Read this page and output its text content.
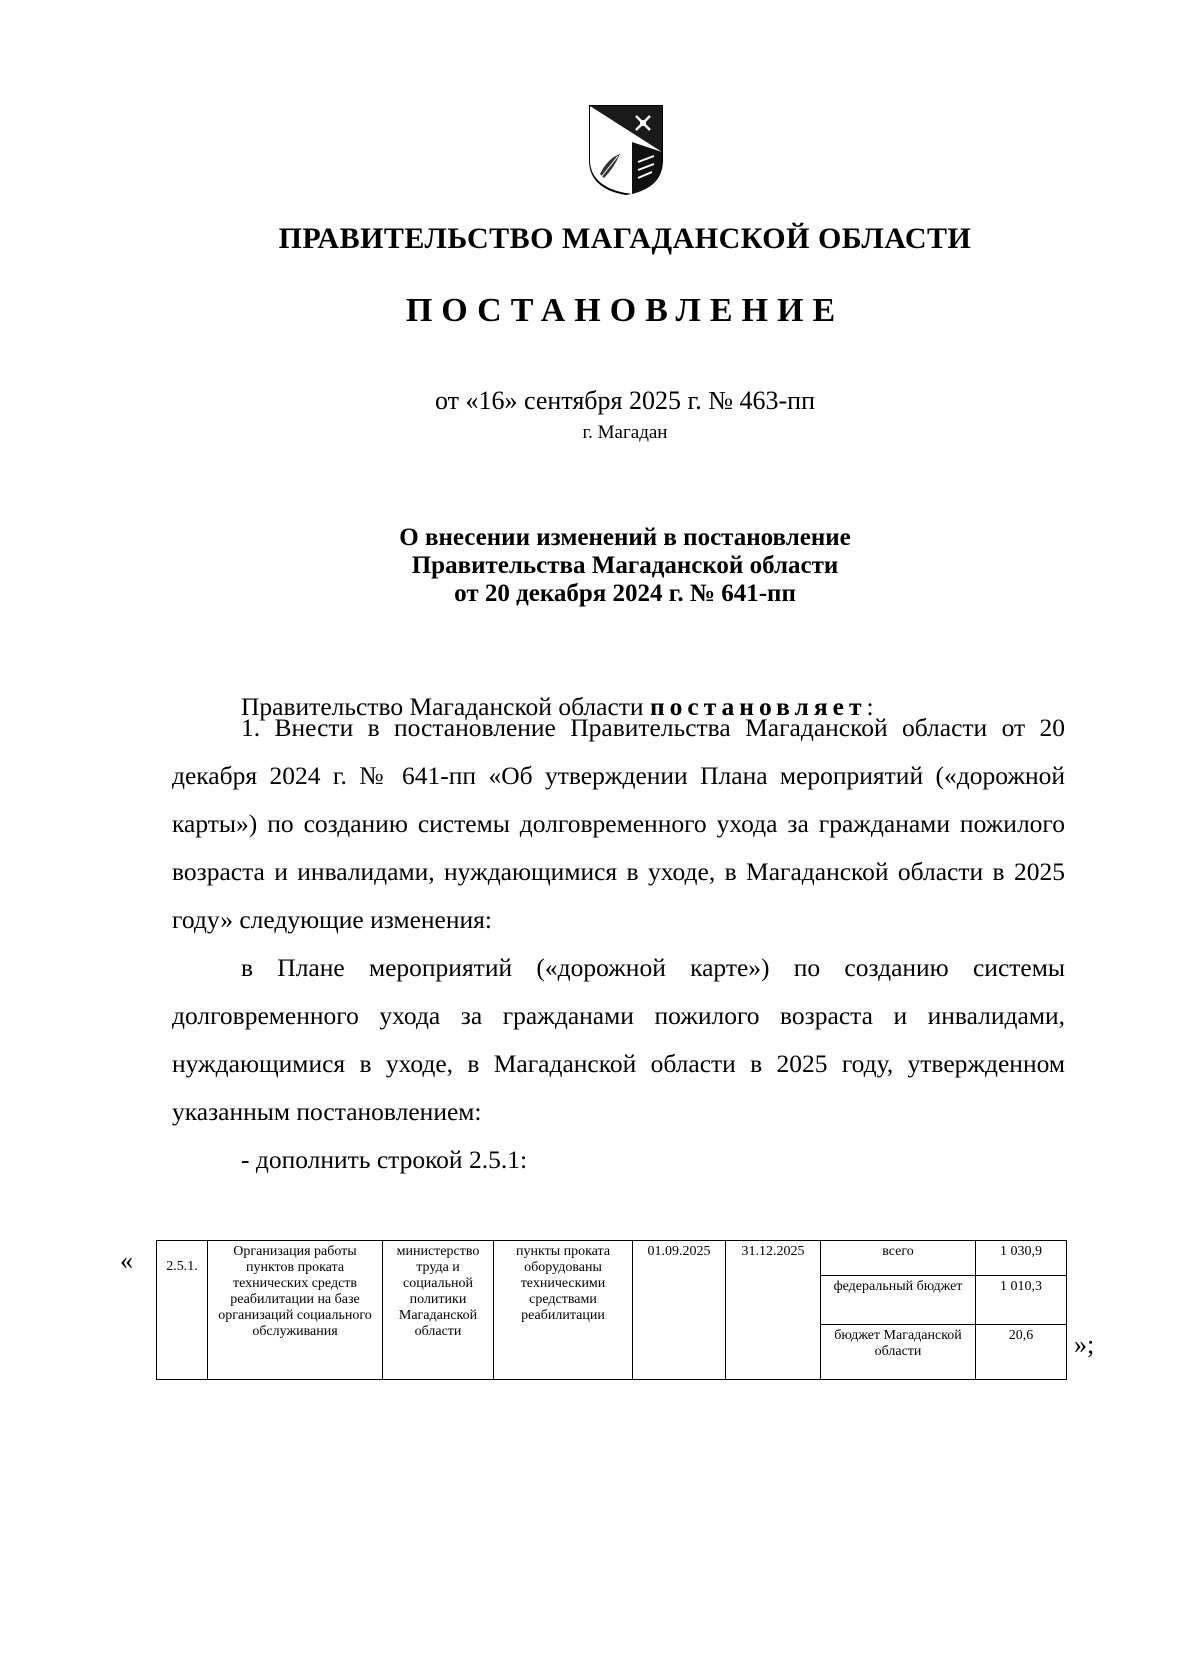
ПРАВИТЕЛЬСТВО МАГАДАНСКОЙ ОБЛАСТИ
ПОСТАНОВЛЕНИЕ
от «16» сентября 2025 г. № 463-пп
г. Магадан
О внесении изменений в постановление
Правительства Магаданской области
от 20 декабря 2024 г. № 641-пп
Правительство Магаданской области постановляет:

1. Внести в постановление Правительства Магаданской области от 20 декабря 2024 г. № 641-пп «Об утверждении Плана мероприятий («дорожной карты») по созданию системы долговременного ухода за гражданами пожилого возраста и инвалидами, нуждающимися в уходе, в Магаданской области в 2025 году» следующие изменения:

в Плане мероприятий («дорожной карте») по созданию системы долговременного ухода за гражданами пожилого возраста и инвалидами, нуждающимися в уходе, в Магаданской области в 2025 году, утвержденном указанным постановлением:

- дополнить строкой 2.5.1:

« 2.5.1.	Организация работы пунктов проката технических средств реабилитации на базе организаций социального обслуживания	министерство труда и социальной политики Магаданской области	пункты проката оборудованы техническими средствами реабилитации	01.09.2025	31.12.2025	всего	1 030,9
						федеральный бюджет	1 010,3
						бюджет Магаданской области	20,6 »;
